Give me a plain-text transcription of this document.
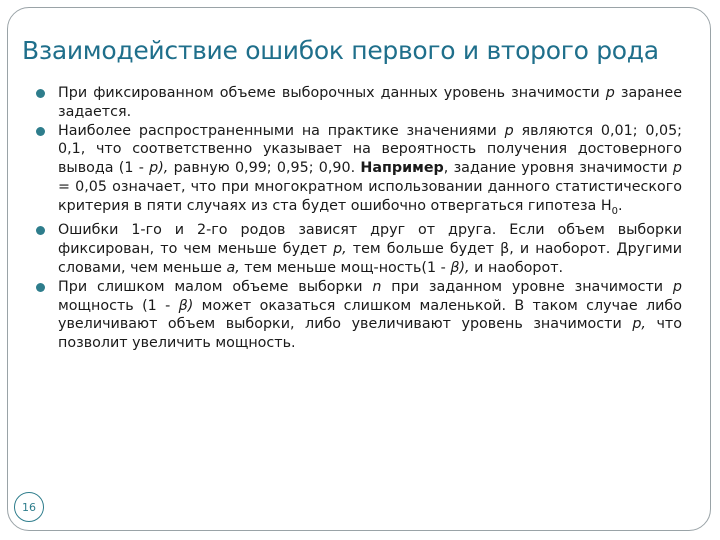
Взаимодействие ошибок первого и второго рода
При фиксированном объеме выборочных данных уровень значимости р заранее задается.
Наиболее распространенными на практике значениями р являются 0,01; 0,05; 0,1, что соответственно указывает на вероятность получения достоверного вывода (1 - р), равную 0,99; 0,95; 0,90. Например, задание уровня значимости р = 0,05 означает, что при многократном использовании данного статистического критерия в пяти случаях из ста будет ошибочно отвергаться гипотеза $Н_0$.
Ошибки 1-го и 2-го родов зависят друг от друга. Если объем выборки фиксирован, то чем меньше будет р, тем больше будет β, и наоборот. Другими словами, чем меньше а, тем меньше мощ-ность(1 - β), и наоборот.
При слишком малом объеме выборки n при заданном уровне значимости р мощность (1 - β) может оказаться слишком маленькой. В таком случае либо увеличивают объем выборки, либо увеличивают уровень значимости р, что позволит увеличить мощность.
16
